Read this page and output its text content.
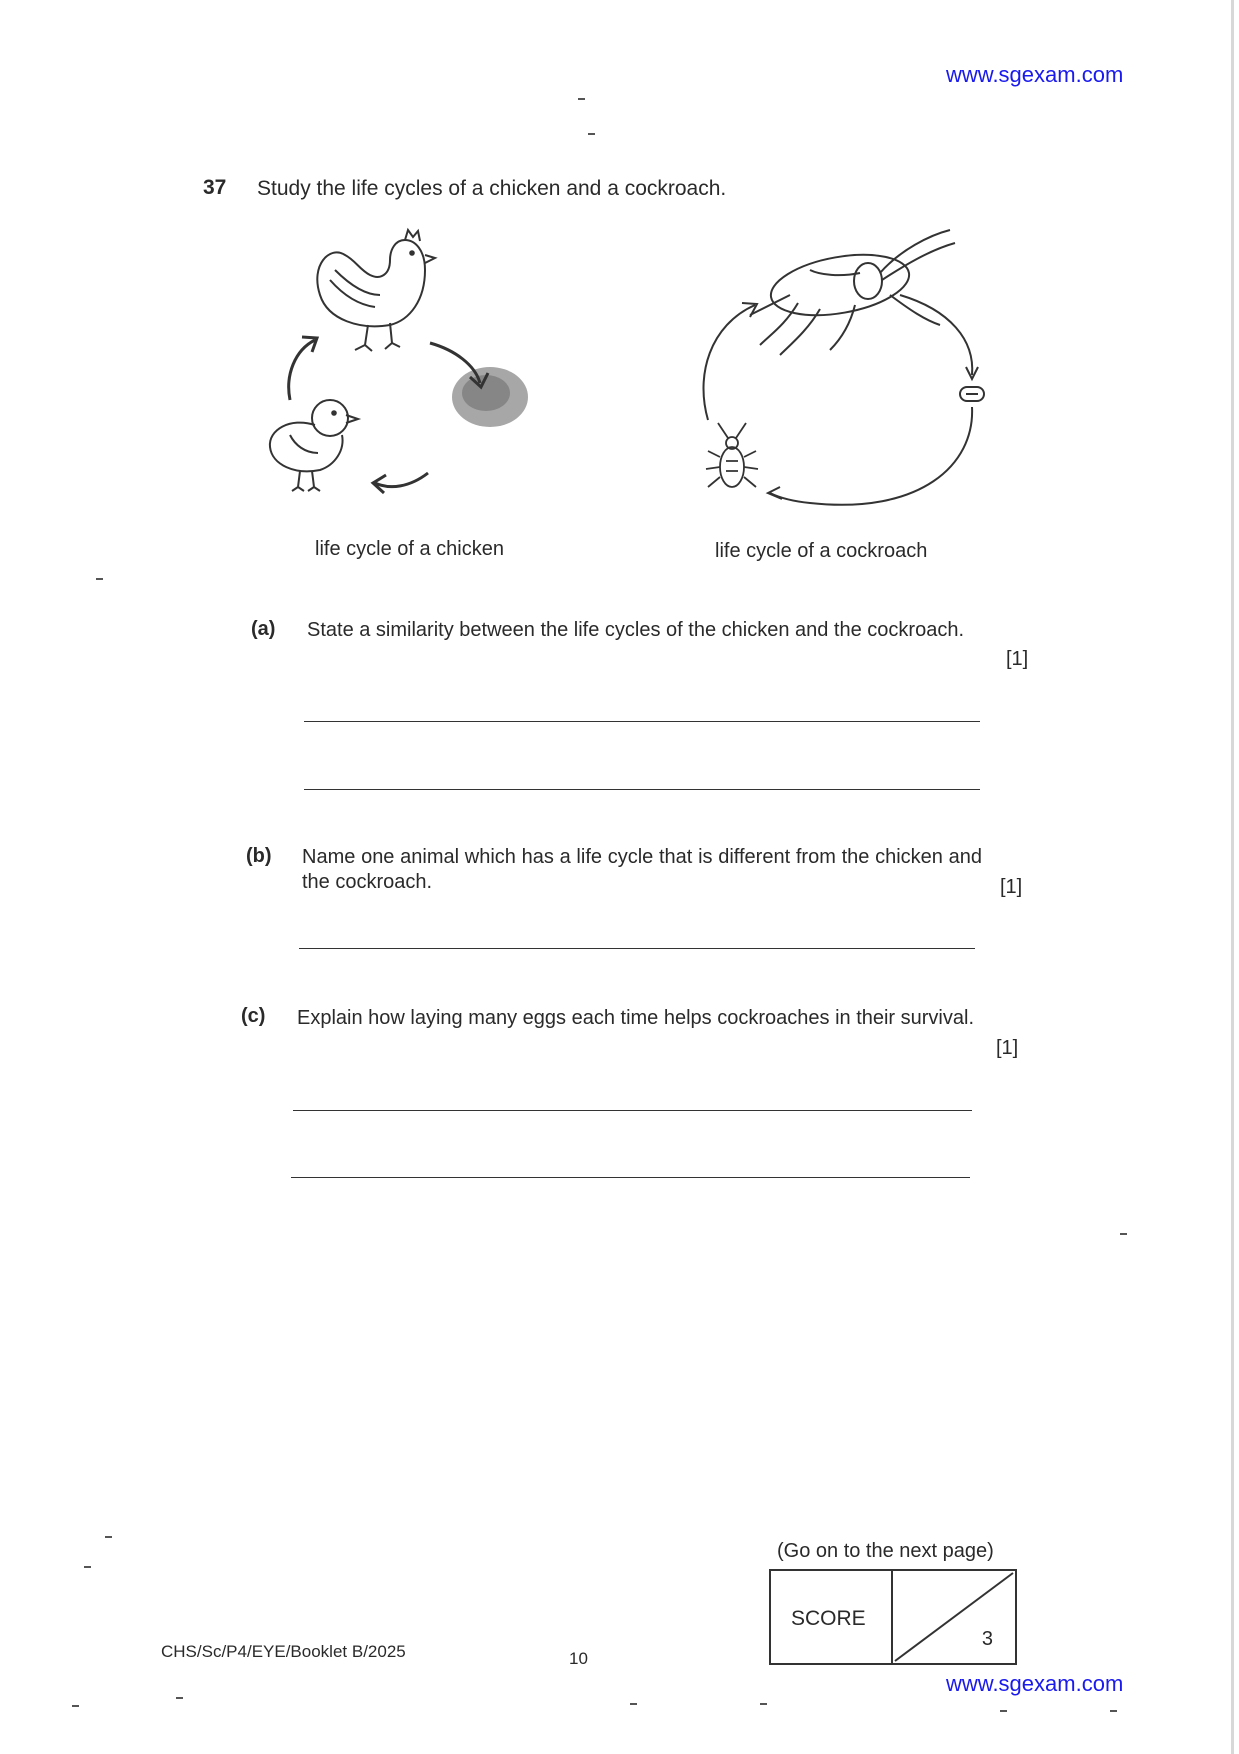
www.sgexam.com
37 Study the life cycles of a chicken and a cockroach.
life cycle of a chicken	life cycle of a cockroach
(a) State a similarity between the life cycles of the chicken and the cockroach.
[1]
(b) Name one animal which has a life cycle that is different from the chicken and the cockroach.	[1]
(c) Explain how laying many eggs each time helps cockroaches in their survival.
[1]
(Go on to the next page)
SCORE
3
CHS/Sc/P4/EYE/Booklet B/2025	10
www.sgexam.com
